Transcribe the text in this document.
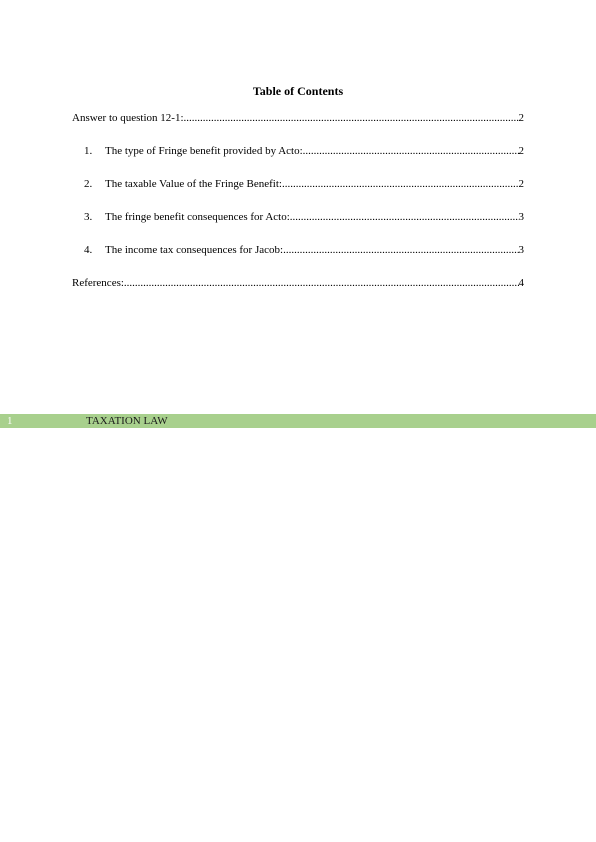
Table of Contents
Answer to question 12-1: .....	2
1.	The type of Fringe benefit provided by Acto: .....	2
2.	The taxable Value of the Fringe Benefit: .....	2
3.	The fringe benefit consequences for Acto: .....	3
4.	The income tax consequences for Jacob: .....	3
References: .....	4
1	TAXATION LAW
